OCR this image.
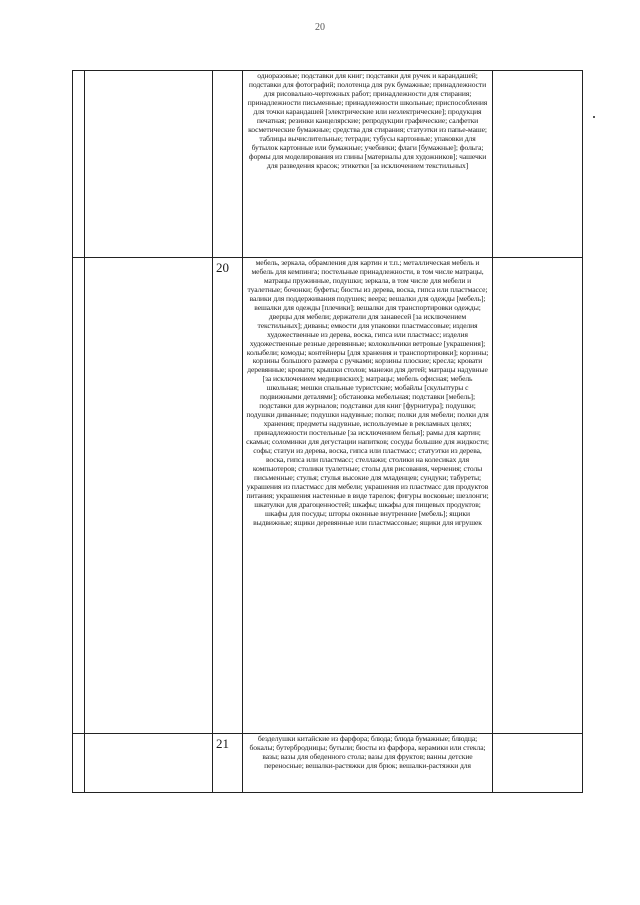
20
			одноразовые; подставки для книг; подставки для ручек и карандашей; подставки для фотографий; полотенца для рук бумажные; принадлежности для рисовально-чертежных работ; принадлежности для стирания; принадлежности письменные; принадлежности школьные; приспособления для точки карандашей [электрические или неэлектрические]; продукция печатная; резинки канцелярские; репродукции графические; салфетки косметические бумажные; средства для стирания; статуэтки из папье-маше; таблицы вычислительные; тетради; тубусы картонные; упаковки для бутылок картонные или бумажные; учебники; флаги [бумажные]; фольга; формы для моделирования из глины [материалы для художников]; чашечки для разведения красок; этикетки [за исключением текстильных]	
		20	мебель, зеркала, обрамления для картин и т.п.; металлическая мебель и мебель для кемпинга; постельные принадлежности, в том числе матрацы, матрацы пружинные, подушки; зеркала, в том числе для мебели и туалетные; бочонки; буфеты; бюсты из дерева, воска, гипса или пластмассе; валики для поддерживания подушек; веера; вешалки для одежды [мебель]; вешалки для одежды [плечики]; вешалки для транспортировки одежды; дверцы для мебели; держатели для занавесей [за исключением текстильных]; диваны; емкости для упаковки пластмассовые; изделия художественные из дерева, воска, гипса или пластмасс; изделия художественные резные деревянные; колокольчики ветровые [украшения]; колыбели; комоды; контейнеры [для хранения и транспортировки]; корзины; корзины большого размера с ручками; корзины плоские; кресла; кровати деревянные; кровати; крышки столов; манежи для детей; матрацы надувные [за исключением медицинских]; матрацы; мебель офисная; мебель школьная; мешки спальные туристские; мобайлы [скульптуры с подвижными деталями]; обстановка мебельная; подставки [мебель]; подставки для журналов; подставки для книг [фурнитура]; подушки; подушки диванные; подушки надувные; полки; полки для мебели; полки для хранения; предметы надувные, используемые в рекламных целях; принадлежности постельные [за исключением белья]; рамы для картин; скамьи; соломинки для дегустации напитков; сосуды большие для жидкости; софы; статуи из дерева, воска, гипса или пластмасс; статуэтки из дерева, воска, гипса или пластмасс; стеллажи; столики на колесиках для компьютеров; столики туалетные; столы для рисования, черчения; столы письменные; стулья; стулья высокие для младенцев; сундуки; табуреты; украшения из пластмасс для мебели; украшения из пластмасс для продуктов питания; украшения настенные в виде тарелок; фигуры восковые; шезлонги; шкатулки для драгоценностей; шкафы; шкафы для пищевых продуктов; шкафы для посуды; шторы оконные внутренние [мебель]; ящики выдвижные; ящики деревянные или пластмассовые; ящики для игрушек	
		21	безделушки китайские из фарфора; блюда; блюда бумажные; блюдца; бокалы; бутербродницы; бутыли; бюсты из фарфора, керамики или стекла; вазы; вазы для обеденного стола; вазы для фруктов; ванны детские переносные; вешалки-растяжки для брюк; вешалки-растяжки для	
